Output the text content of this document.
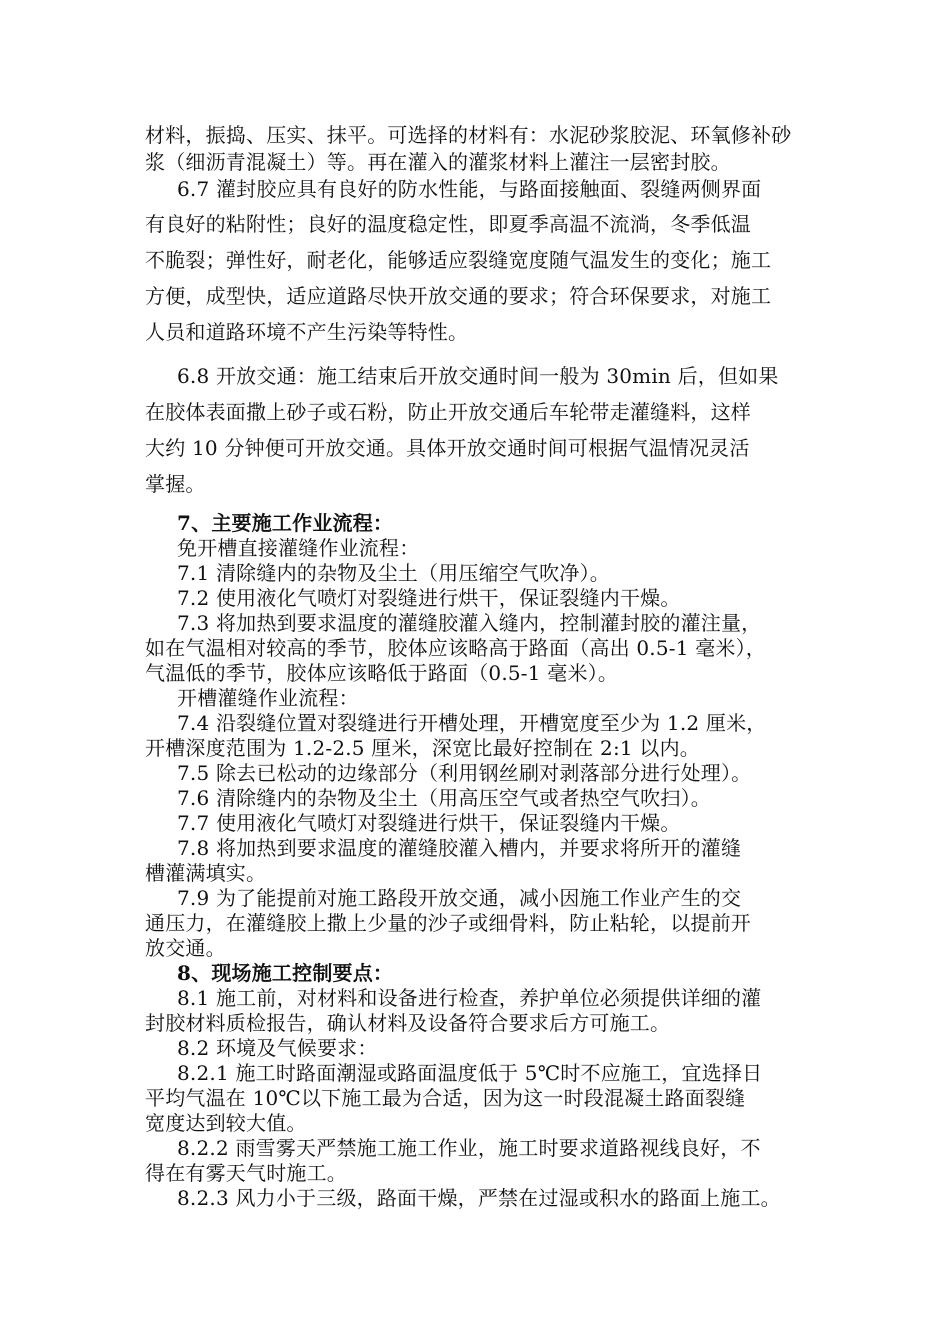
材料，振捣、压实、抹平。可选择的材料有：水泥砂浆胶泥、环氧修补砂
浆（细沥青混凝土）等。再在灌入的灌浆材料上灌注一层密封胶。
6.7 灌封胶应具有良好的防水性能，与路面接触面、裂缝两侧界面
有良好的粘附性；良好的温度稳定性，即夏季高温不流淌，冬季低温
不脆裂；弹性好，耐老化，能够适应裂缝宽度随气温发生的变化；施工
方便，成型快，适应道路尽快开放交通的要求；符合环保要求，对施工
人员和道路环境不产生污染等特性。
6.8 开放交通：施工结束后开放交通时间一般为 30min 后，但如果
在胶体表面撒上砂子或石粉，防止开放交通后车轮带走灌缝料，这样
大约 10 分钟便可开放交通。具体开放交通时间可根据气温情况灵活
掌握。
7、主要施工作业流程：
免开槽直接灌缝作业流程：
7.1 清除缝内的杂物及尘土（用压缩空气吹净）。
7.2 使用液化气喷灯对裂缝进行烘干，保证裂缝内干燥。
7.3 将加热到要求温度的灌缝胶灌入缝内，控制灌封胶的灌注量，
如在气温相对较高的季节，胶体应该略高于路面（高出 0.5-1 毫米），
气温低的季节，胶体应该略低于路面（0.5-1 毫米）。
开槽灌缝作业流程：
7.4 沿裂缝位置对裂缝进行开槽处理，开槽宽度至少为 1.2 厘米，
开槽深度范围为 1.2-2.5 厘米，深宽比最好控制在 2:1 以内。
7.5 除去已松动的边缘部分（利用钢丝刷对剥落部分进行处理）。
7.6 清除缝内的杂物及尘土（用高压空气或者热空气吹扫）。
7.7 使用液化气喷灯对裂缝进行烘干，保证裂缝内干燥。
7.8 将加热到要求温度的灌缝胶灌入槽内，并要求将所开的灌缝
槽灌满填实。
7.9 为了能提前对施工路段开放交通，减小因施工作业产生的交
通压力，在灌缝胶上撒上少量的沙子或细骨料，防止粘轮，以提前开
放交通。
8、现场施工控制要点：
8.1 施工前，对材料和设备进行检查，养护单位必须提供详细的灌
封胶材料质检报告，确认材料及设备符合要求后方可施工。
8.2 环境及气候要求：
8.2.1 施工时路面潮湿或路面温度低于 5℃时不应施工，宜选择日
平均气温在 10℃以下施工最为合适，因为这一时段混凝土路面裂缝
宽度达到较大值。
8.2.2 雨雪雾天严禁施工施工作业，施工时要求道路视线良好，不
得在有雾天气时施工。
8.2.3 风力小于三级，路面干燥，严禁在过湿或积水的路面上施工。
